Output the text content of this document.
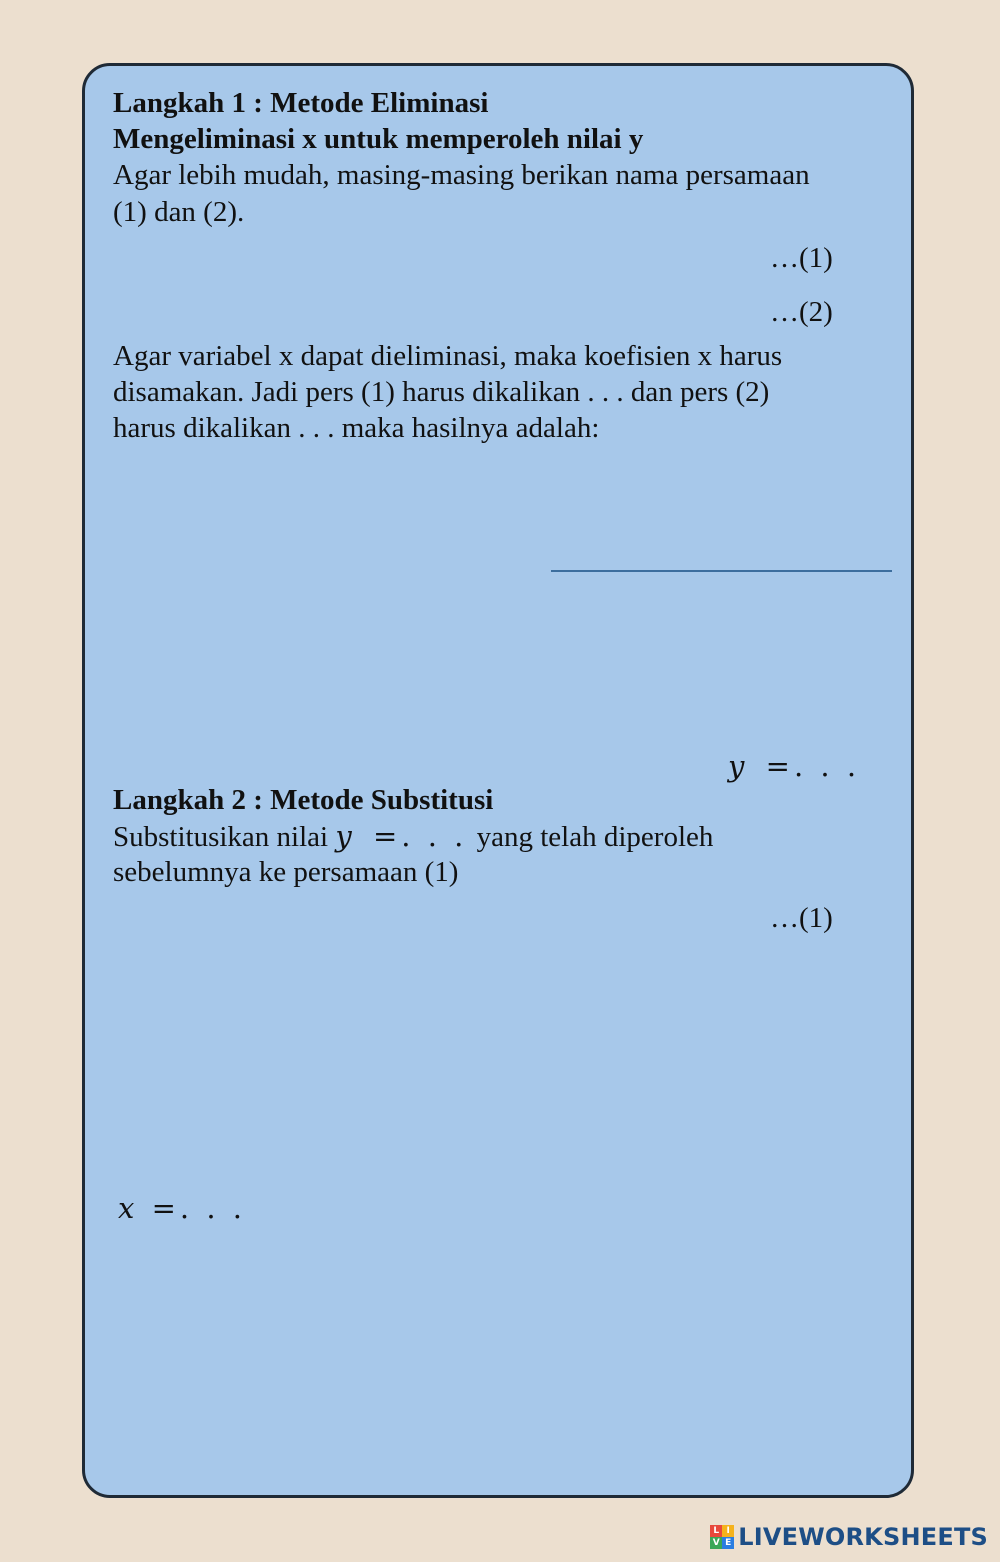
Langkah 1 : Metode Eliminasi
Mengeliminasi x untuk memperoleh nilai y
Agar lebih mudah, masing-masing berikan nama persamaan
(1) dan (2).
…(1)
…(2)
Agar variabel x dapat dieliminasi, maka koefisien x harus
disamakan. Jadi pers (1) harus dikalikan . . . dan pers (2)
harus dikalikan . . . maka hasilnya adalah:
y =. . .
Langkah 2 : Metode Substitusi
Substitusikan nilai y =. . . yang telah diperoleh
sebelumnya ke persamaan (1)
…(1)
x =. . .
L I
V E LIVEWORKSHEETS
